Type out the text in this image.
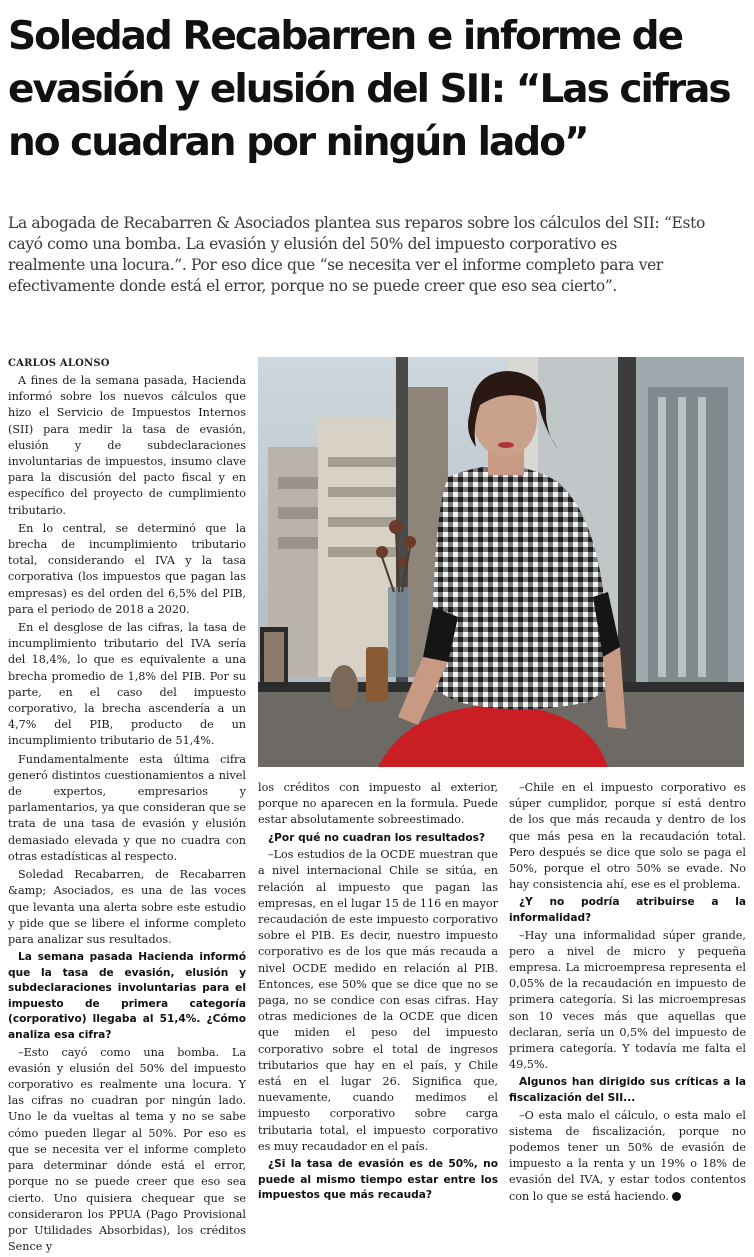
Soledad Recabarren e informe de
evasión y elusión del SII: “Las cifras
no cuadran por ningún lado”
La abogada de Recabarren & Asociados plantea sus reparos sobre los cálculos del SII: “Esto
cayó como una bomba. La evasión y elusión del 50% del impuesto corporativo es
realmente una locura.”. Por eso dice que “se necesita ver el informe completo para ver
efectivamente donde está el error, porque no se puede creer que eso sea cierto”.
CARLOS ALONSO

A fines de la semana pasada, Hacienda informó sobre los nuevos cálculos que hizo el Servicio de Impuestos Internos (SII) para medir la tasa de evasión, elusión y de subdeclaraciones involuntarias de impuestos, insumo clave para la discusión del pacto fiscal y en específico del proyecto de cumplimiento tributario.

En lo central, se determinó que la brecha de incumplimiento tributario total, considerando el IVA y la tasa corporativa (los impuestos que pagan las empresas) es del orden del 6,5% del PIB, para el periodo de 2018 a 2020.

En el desglose de las cifras, la tasa de incumplimiento tributario del IVA sería del 18,4%, lo que es equivalente a una brecha promedio de 1,8% del PIB. Por su parte, en el caso del impuesto corporativo, la brecha ascendería a un 4,7% del PIB, producto de un incumplimiento tributario de 51,4%.

Fundamentalmente esta última cifra generó distintos cuestionamientos a nivel de expertos, empresarios y parlamentarios, ya que consideran que se trata de una tasa de evasión y elusión demasiado elevada y que no cuadra con otras estadísticas al respecto.

Soledad Recabarren, de Recabarren &amp; Asociados, es una de las voces que levanta una alerta sobre este estudio y pide que se libere el informe completo para analizar sus resultados.

La semana pasada Hacienda informó que la tasa de evasión, elusión y subdeclaraciones involuntarias para el impuesto de primera categoría (corporativo) llegaba al 51,4%. ¿Cómo analiza esa cifra?

–Esto cayó como una bomba. La evasión y elusión del 50% del impuesto corporativo es realmente una locura. Y las cifras no cuadran por ningún lado. Uno le da vueltas al tema y no se sabe cómo pueden llegar al 50%. Por eso es que se necesita ver el informe completo para determinar dónde está el error, porque no se puede creer que eso sea cierto. Uno quisiera chequear que se consideraron los PPUA (Pago Provisional por Utilidades Absorbidas), los créditos Sence y

los créditos con impuesto al exterior, porque no aparecen en la formula. Puede estar absolutamente sobreestimado.

¿Por qué no cuadran los resultados?

–Los estudios de la OCDE muestran que a nivel internacional Chile se sitúa, en relación al impuesto que pagan las empresas, en el lugar 15 de 116 en mayor recaudación de este impuesto corporativo sobre el PIB. Es decir, nuestro impuesto corporativo es de los que más recauda a nivel OCDE medido en relación al PIB. Entonces, ese 50% que se dice que no se paga, no se condice con esas cifras. Hay otras mediciones de la OCDE que dicen que miden el peso del impuesto corporativo sobre el total de ingresos tributarios que hay en el país, y Chile está en el lugar 26. Significa que, nuevamente, cuando medimos el impuesto corporativo sobre carga tributaria total, el impuesto corporativo es muy recaudador en el país.

¿Si la tasa de evasión es de 50%, no puede al mismo tiempo estar entre los impuestos que más recauda?

–Chile en el impuesto corporativo es súper cumplidor, porque sí está dentro de los que más recauda y dentro de los que más pesa en la recaudación total. Pero después se dice que solo se paga el 50%, porque el otro 50% se evade. No hay consistencia ahí, ese es el problema.

¿Y no podría atribuirse a la informalidad?

–Hay una informalidad súper grande, pero a nivel de micro y pequeña empresa. La microempresa representa el 0,05% de la recaudación en impuesto de primera categoría. Si las microempresas son 10 veces más que aquellas que declaran, sería un 0,5% del impuesto de primera categoría. Y todavía me falta el 49,5%.

Algunos han dirigido sus críticas a la fiscalización del SII...

–O esta malo el cálculo, o esta malo el sistema de fiscalización, porque no podemos tener un 50% de evasión de impuesto a la renta y un 19% o 18% de evasión del IVA, y estar todos contentos con lo que se está haciendo.
